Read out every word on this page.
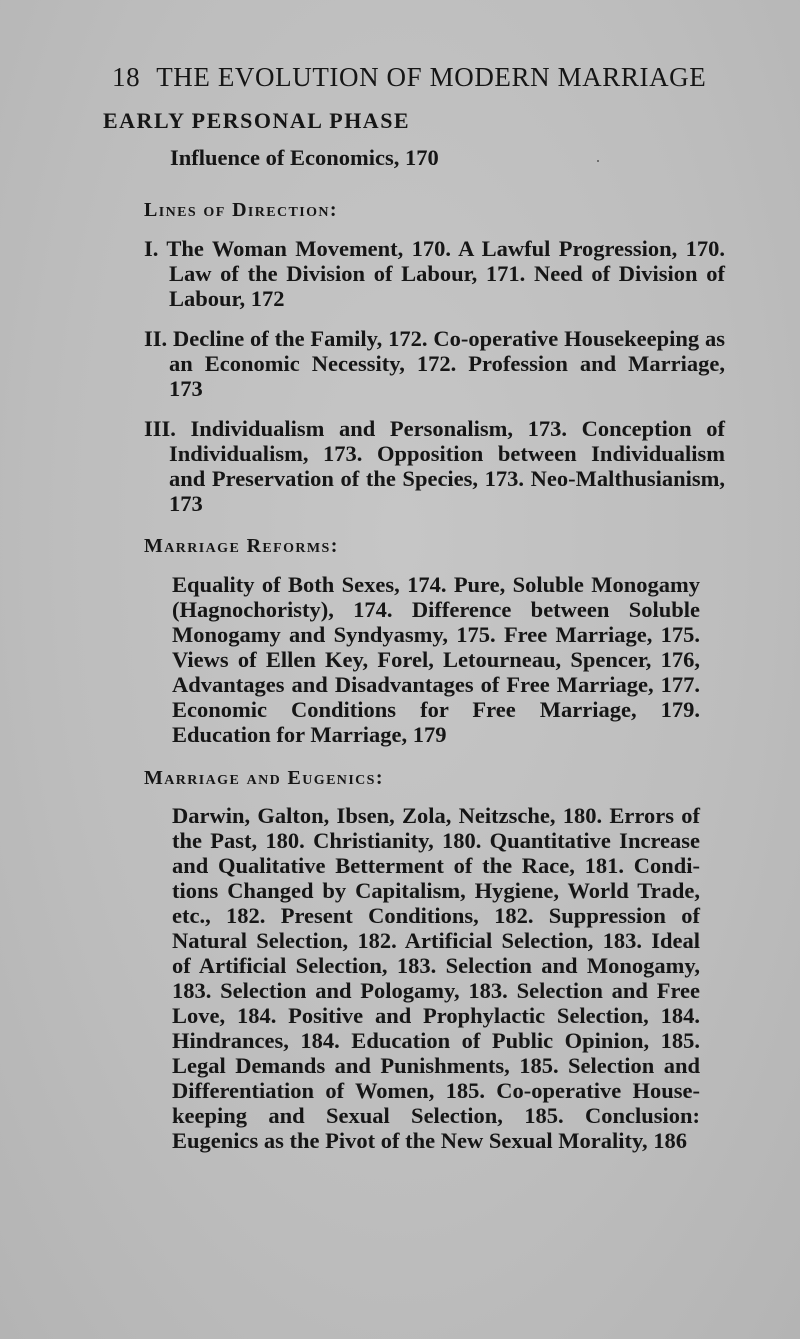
18 THE EVOLUTION OF MODERN MARRIAGE
EARLY PERSONAL PHASE
Influence of Economics, 170
Lines of Direction:

I. The Woman Movement, 170. A Lawful Progression, 170. Law of the Division of Labour, 171. Need of Division of Labour, 172

II. Decline of the Family, 172. Co-operative Housekeeping as an Economic Necessity, 172. Profession and Marriage, 173

III. Individualism and Personalism, 173. Conception of Individualism, 173. Opposition between Individualism and Preservation of the Species, 173. Neo-Malthusianism, 173

Marriage Reforms:

Equality of Both Sexes, 174. Pure, Soluble Monogamy (Hagnochoristy), 174. Difference between Soluble Monogamy and Syndyasmy, 175. Free Marriage, 175. Views of Ellen Key, Forel, Letourneau, Spencer, 176, Advantages and Disadvantages of Free Marriage, 177. Economic Conditions for Free Marriage, 179. Education for Marriage, 179

Marriage and Eugenics:

Darwin, Galton, Ibsen, Zola, Neitzsche, 180. Errors of the Past, 180. Christianity, 180. Quantitative Increase and Qualitative Betterment of the Race, 181. Condi-tions Changed by Capitalism, Hygiene, World Trade, etc., 182. Present Conditions, 182. Suppression of Natural Selection, 182. Artificial Selection, 183. Ideal of Artificial Selection, 183. Selection and Monogamy, 183. Selection and Pologamy, 183. Selection and Free Love, 184. Positive and Prophylactic Selection, 184. Hindrances, 184. Education of Public Opinion, 185. Legal Demands and Punishments, 185. Selection and Differentiation of Women, 185. Co-operative House-keeping and Sexual Selection, 185. Conclusion: Eugenics as the Pivot of the New Sexual Morality, 186
